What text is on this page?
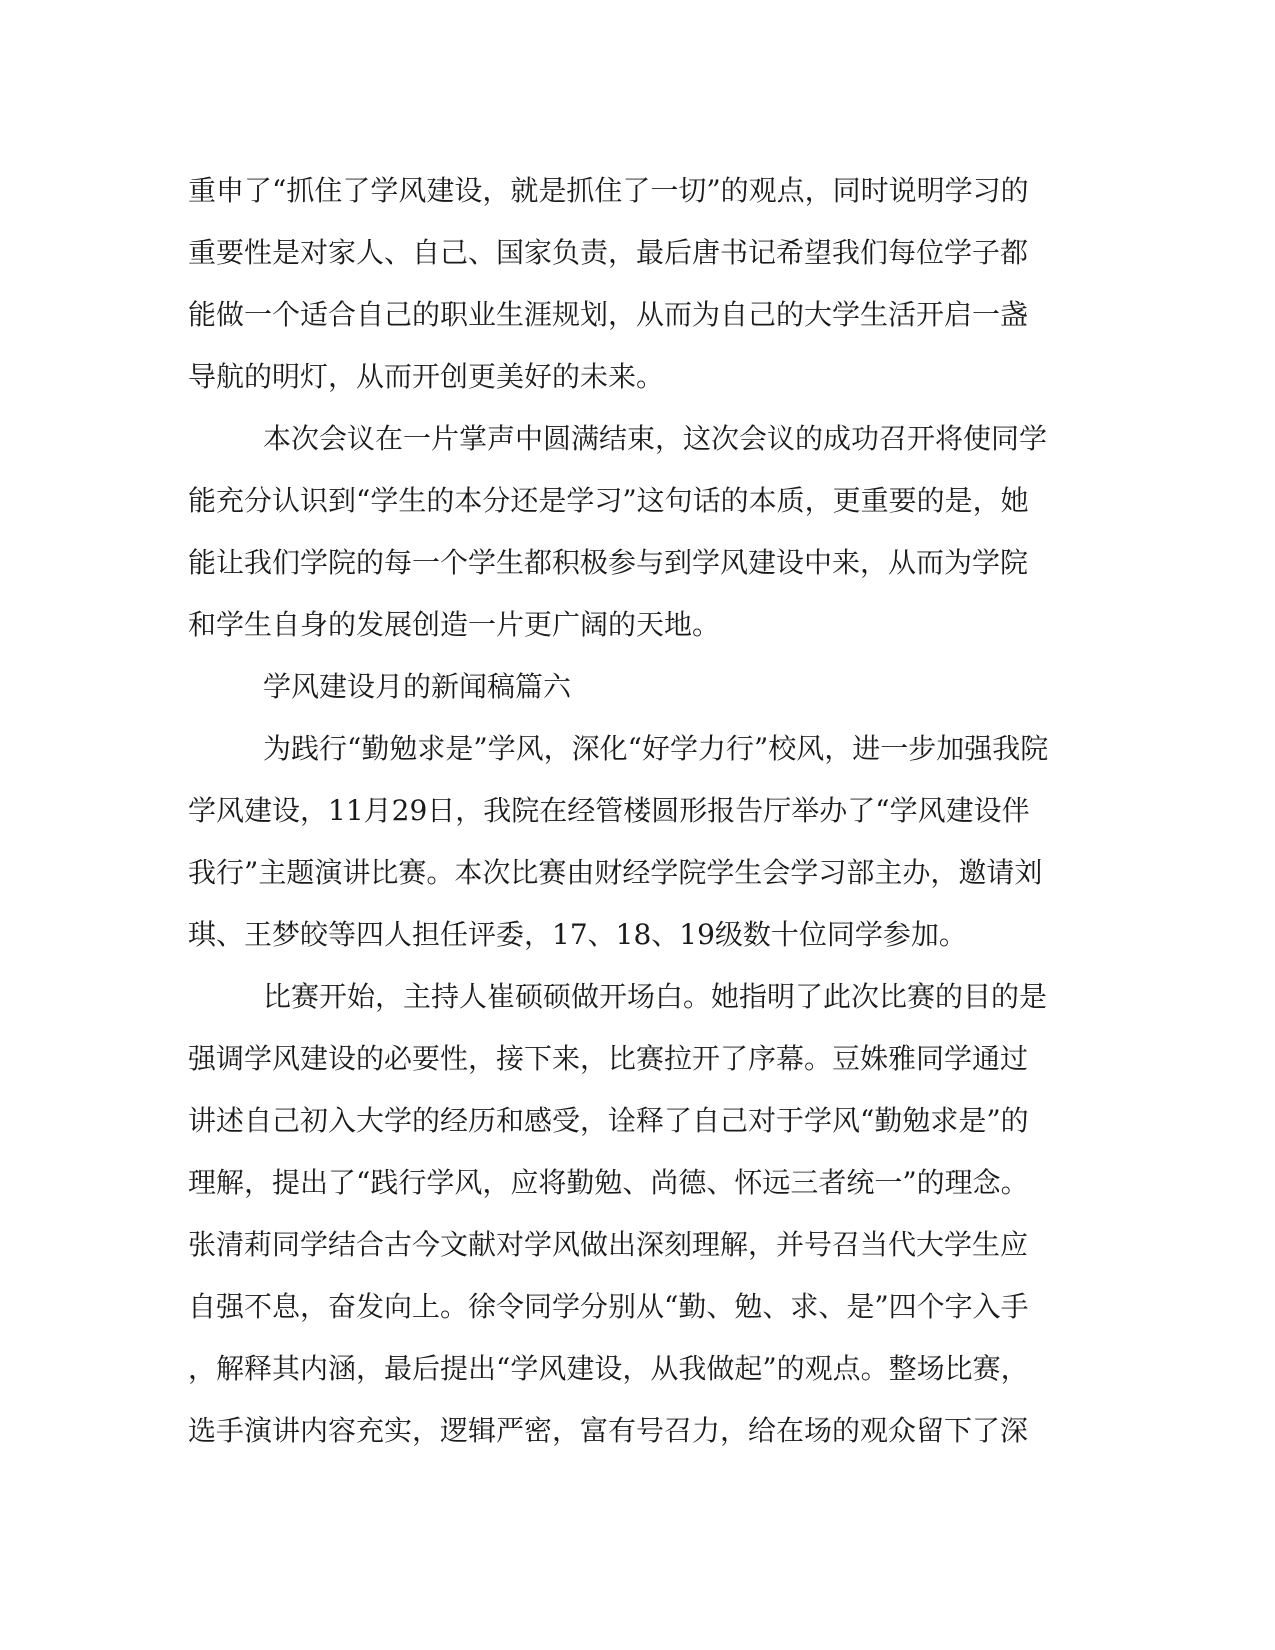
重申了“抓住了学风建设，就是抓住了一切”的观点，同时说明学习的
重要性是对家人、自己、国家负责，最后唐书记希望我们每位学子都
能做一个适合自己的职业生涯规划，从而为自己的大学生活开启一盏
导航的明灯，从而开创更美好的未来。
本次会议在一片掌声中圆满结束，这次会议的成功召开将使同学
能充分认识到“学生的本分还是学习”这句话的本质，更重要的是，她
能让我们学院的每一个学生都积极参与到学风建设中来，从而为学院
和学生自身的发展创造一片更广阔的天地。
学风建设月的新闻稿篇六
为践行“勤勉求是”学风，深化“好学力行”校风，进一步加强我院
学风建设，11月29日，我院在经管楼圆形报告厅举办了“学风建设伴
我行”主题演讲比赛。本次比赛由财经学院学生会学习部主办，邀请刘
琪、王梦皎等四人担任评委，17、18、19级数十位同学参加。
比赛开始，主持人崔硕硕做开场白。她指明了此次比赛的目的是
强调学风建设的必要性，接下来，比赛拉开了序幕。豆姝雅同学通过
讲述自己初入大学的经历和感受，诠释了自己对于学风“勤勉求是”的
理解，提出了“践行学风，应将勤勉、尚德、怀远三者统一”的理念。
张清莉同学结合古今文献对学风做出深刻理解，并号召当代大学生应
自强不息，奋发向上。徐令同学分别从“勤、勉、求、是”四个字入手
，解释其内涵，最后提出“学风建设，从我做起”的观点。整场比赛，
选手演讲内容充实，逻辑严密，富有号召力，给在场的观众留下了深
